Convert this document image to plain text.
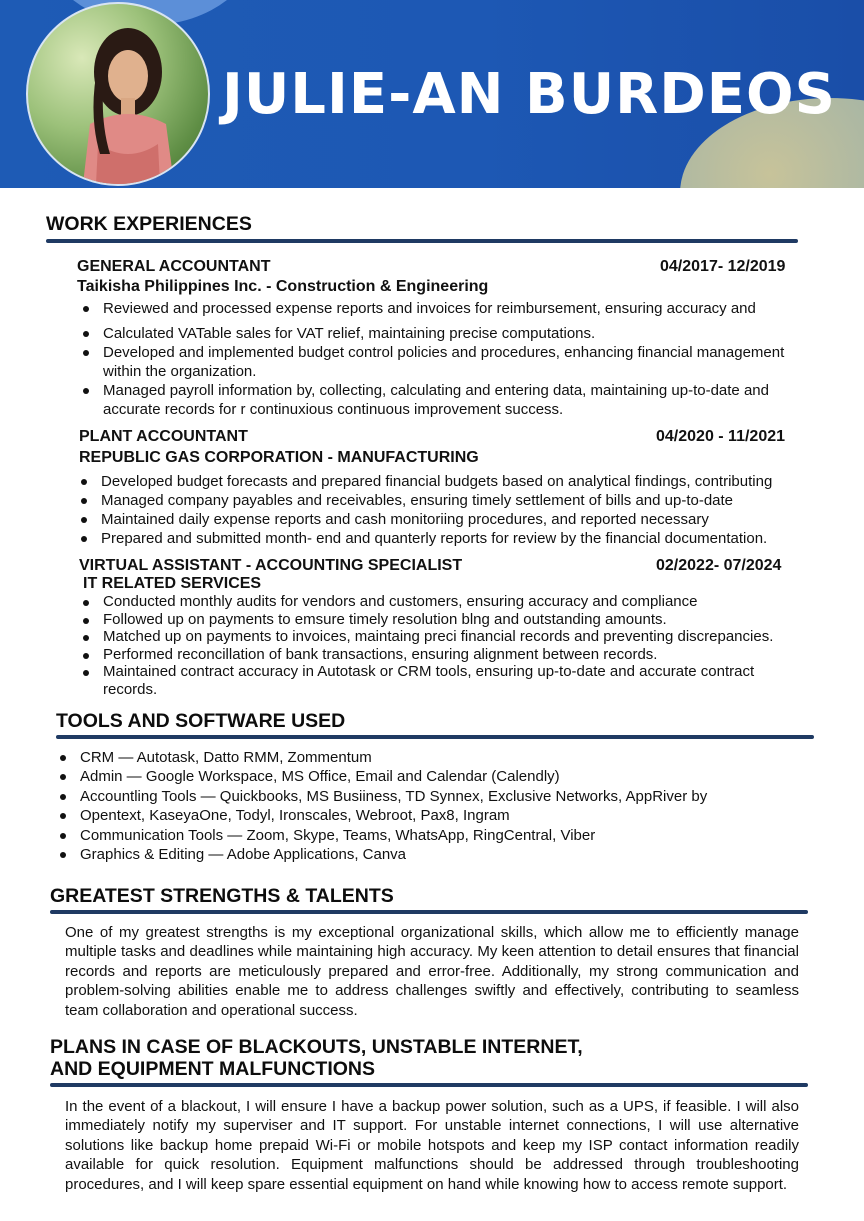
JULIE-AN BURDEOS
WORK EXPERIENCES
GENERAL ACCOUNTANT	04/2017- 12/2019
Taikisha Philippines Inc. - Construction & Engineering
Reviewed and processed expense reports and invoices for reimbursement, ensuring accuracy and
Calculated VATable sales for VAT relief, maintaining precise computations.
Developed and implemented budget control policies and procedures, enhancing financial management within the organization.
Managed payroll information by, collecting, calculating and entering data, maintaining up-to-date and accurate records for r continuxious continuous improvement success.
PLANT ACCOUNTANT	04/2020 - 11/2021
REPUBLIC GAS CORPORATION - MANUFACTURING
Developed budget forecasts and prepared financial budgets based on analytical findings, contributing
Managed company payables and receivables, ensuring timely settlement of bills and up-to-date
Maintained daily expense reports and cash monitoriing procedures, and reported necessary
Prepared and submitted month- end and quanterly reports for review by the financial documentation.
VIRTUAL ASSISTANT - ACCOUNTING SPECIALIST	02/2022- 07/2024
IT RELATED SERVICES
Conducted monthly audits for vendors and customers, ensuring accuracy and compliance
Followed up on payments to emsure timely resolution blng and outstanding amounts.
Matched up on payments to invoices, maintaing preci financial records and preventing discrepancies.
Performed reconcillation of bank transactions, ensuring alignment between records.
Maintained contract accuracy in Autotask or CRM tools, ensuring up-to-date and accurate contract records.
TOOLS AND SOFTWARE USED
CRM — Autotask, Datto RMM, Zommentum
Admin — Google Workspace, MS Office, Email and Calendar (Calendly)
Accountling Tools — Quickbooks, MS Busiiness, TD Synnex, Exclusive Networks, AppRiver by
Opentext, KaseyaOne, Todyl, Ironscales, Webroot, Pax8, Ingram
Communication Tools — Zoom, Skype, Teams, WhatsApp, RingCentral, Viber
Graphics & Editing — Adobe Applications, Canva
GREATEST STRENGTHS & TALENTS

One of my greatest strengths is my exceptional organizational skills, which allow me to efficiently manage multiple tasks and deadlines while maintaining high accuracy. My keen attention to detail ensures that financial records and reports are meticulously prepared and error-free. Additionally, my strong communication and problem-solving abilities enable me to address challenges swiftly and effectively, contributing to seamless team collaboration and operational success.

PLANS IN CASE OF BLACKOUTS, UNSTABLE INTERNET,
AND EQUIPMENT MALFUNCTIONS

In the event of a blackout, I will ensure I have a backup power solution, such as a UPS, if feasible. I will also immediately notify my superviser and IT support. For unstable internet connections, I will use alternative solutions like backup home prepaid Wi-Fi or mobile hotspots and keep my ISP contact information readily available for quick resolution. Equipment malfunctions should be addressed through troubleshooting procedures, and I will keep spare essential equipment on hand while knowing how to access remote support.
